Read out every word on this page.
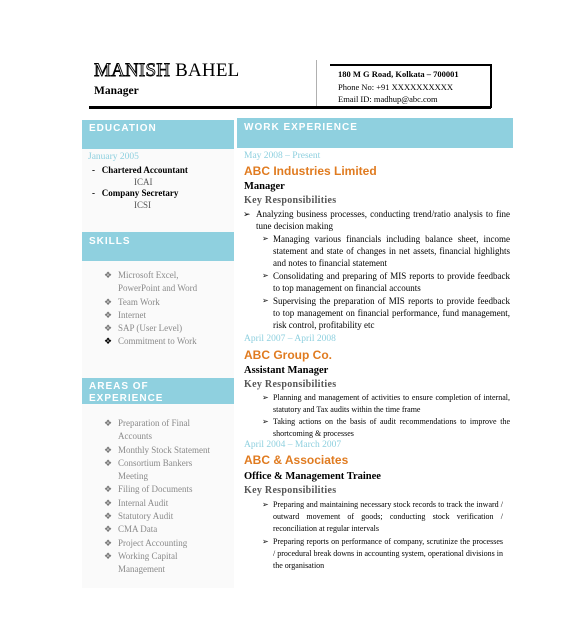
MANISH BAHEL
Manager
180 M G Road, Kolkata – 700001
Phone No: +91 XXXXXXXXXX
Email ID: madhup@abc.com
EDUCATION
January 2005
- Chartered Accountant
ICAI
- Company Secretary
ICSI
SKILLS
❖ Microsoft Excel,
PowerPoint and Word
❖ Team Work
❖ Internet
❖ SAP (User Level)
❖ Commitment to Work
AREAS OF
EXPERIENCE
❖ Preparation of Final
Accounts
❖ Monthly Stock Statement
❖ Consortium Bankers
Meeting
❖ Filing of Documents
❖ Internal Audit
❖ Statutory Audit
❖ CMA Data
❖ Project Accounting
❖ Working Capital
Management
WORK EXPERIENCE
May 2008 – Present
ABC Industries Limited
Manager
Key Responsibilities
➢ Analyzing business processes, conducting trend/ratio analysis to fine tune decision making
➢ Managing various financials including balance sheet, income statement and state of changes in net assets, financial highlights and notes to financial statement
➢ Consolidating and preparing of MIS reports to provide feedback to top management on financial accounts
➢ Supervising the preparation of MIS reports to provide feedback to top management on financial performance, fund management, risk control, profitability etc
April 2007 – April 2008
ABC Group Co.
Assistant Manager
Key Responsibilities
➢ Planning and management of activities to ensure completion of internal, statutory and Tax audits within the time frame
➢ Taking actions on the basis of audit recommendations to improve the shortcoming & processes
April 2004 – March 2007
ABC & Associates
Office & Management Trainee
Key Responsibilities
➢ Preparing and maintaining necessary stock records to track the inward / outward movement of goods; conducting stock verification / reconciliation at regular intervals
➢ Preparing reports on performance of company, scrutinize the processes / procedural break downs in accounting system, operational divisions in the organisation
